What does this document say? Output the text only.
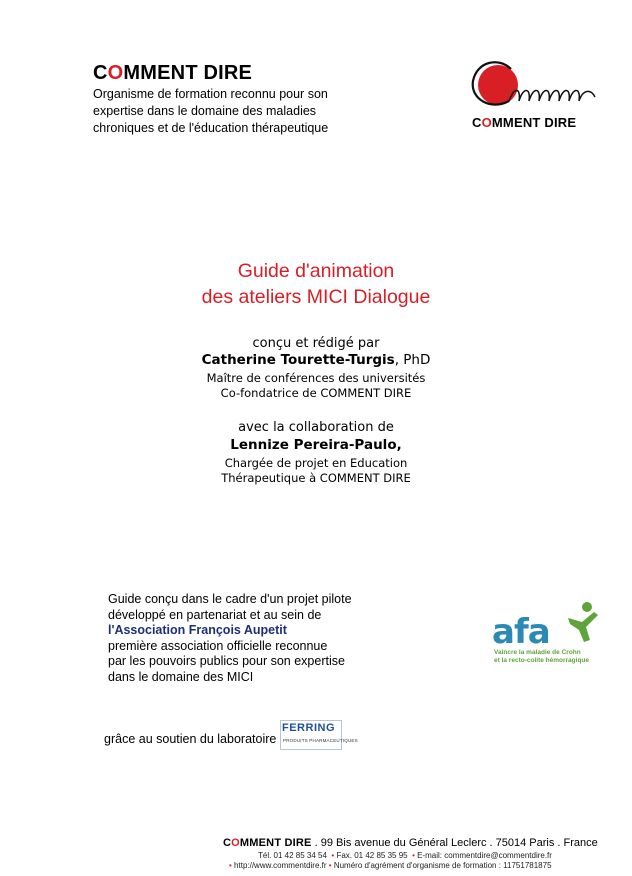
COMMENT DIRE
Organisme de formation reconnu pour son
expertise dans le domaine des maladies
chroniques et de l'éducation thérapeutique
Cm
COMMENT DIRE
Guide d'animation
des ateliers MICI Dialogue
conçu et rédigé par
Catherine Tourette-Turgis, PhD
Maître de conférences des universités
Co-fondatrice de COMMENT DIRE
avec la collaboration de
Lennize Pereira-Paulo,
Chargée de projet en Education
Thérapeutique à COMMENT DIRE
Guide conçu dans le cadre d'un projet pilote
développé en partenariat et au sein de
l'Association François Aupetit
première association officielle reconnue
par les pouvoirs publics pour son expertise
dans le domaine des MICI
afa
Vaincre la maladie de Crohn
et la recto-colite hémorragique
grâce au soutien du laboratoire
FERRING
PRODUITS PHARMACEUTIQUES
COMMENT DIRE . 99 Bis avenue du Général Leclerc . 75014 Paris . France
Tél. 01 42 85 34 54 • Fax. 01 42 85 35 95 • E-mail: commentdire@commentdire.fr
• http://www.commentdire.fr • Numéro d'agrément d'organisme de formation : 11751781875
